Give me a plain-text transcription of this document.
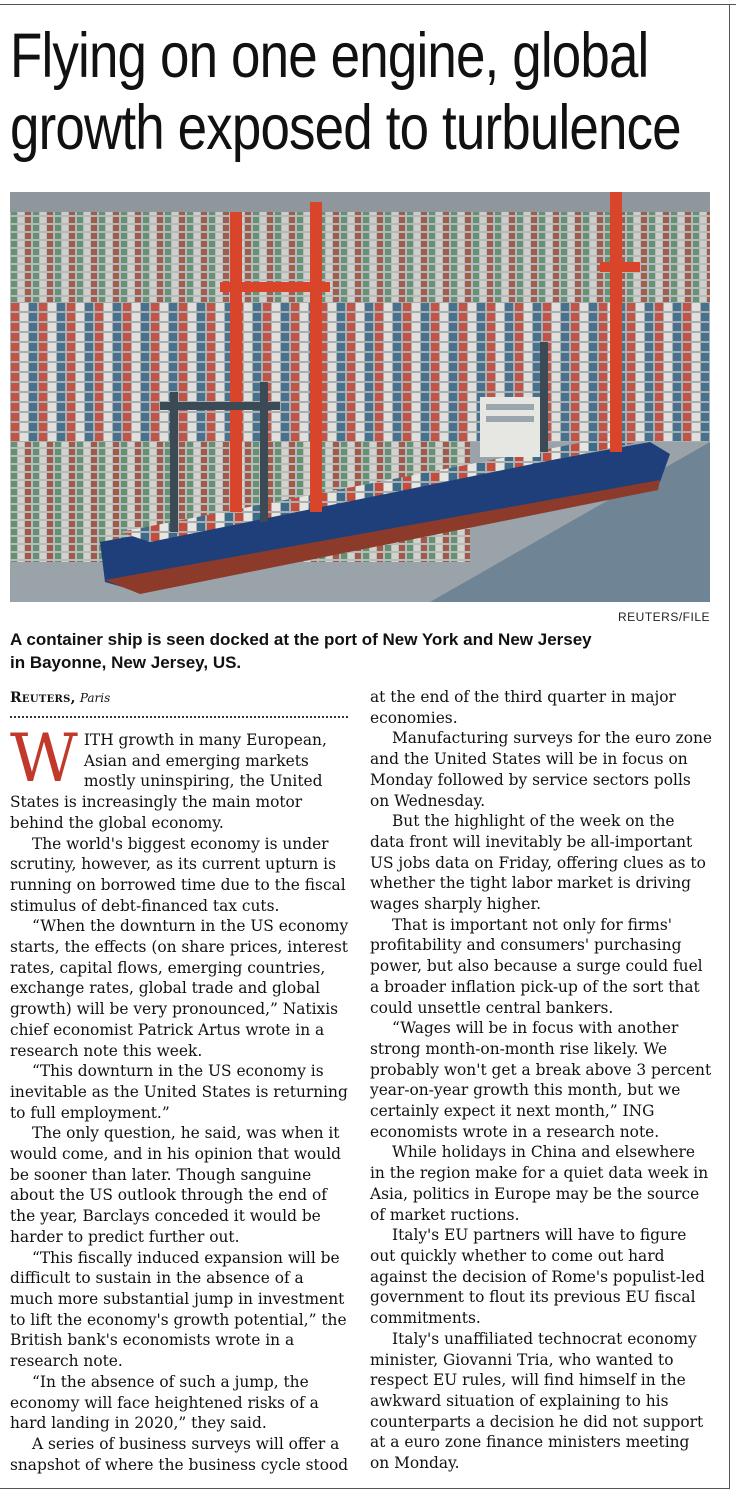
Flying on one engine, global growth exposed to turbulence
REUTERS/FILE

A container ship is seen docked at the port of New York and New Jersey in Bayonne, New Jersey, US.

Reuters, Paris

WITH growth in many European, Asian and emerging markets mostly uninspiring, the United States is increasingly the main motor behind the global economy.

The world's biggest economy is under scrutiny, however, as its current upturn is running on borrowed time due to the fiscal stimulus of debt-financed tax cuts.

“When the downturn in the US economy starts, the effects (on share prices, interest rates, capital flows, emerging countries, exchange rates, global trade and global growth) will be very pronounced,” Natixis chief economist Patrick Artus wrote in a research note this week.

“This downturn in the US economy is inevitable as the United States is returning to full employment.”

The only question, he said, was when it would come, and in his opinion that would be sooner than later. Though sanguine about the US outlook through the end of the year, Barclays conceded it would be harder to predict further out.

“This fiscally induced expansion will be difficult to sustain in the absence of a much more substantial jump in investment to lift the economy's growth potential,” the British bank's economists wrote in a research note.

“In the absence of such a jump, the economy will face heightened risks of a hard landing in 2020,” they said.

A series of business surveys will offer a snapshot of where the business cycle stood

at the end of the third quarter in major economies.

Manufacturing surveys for the euro zone and the United States will be in focus on Monday followed by service sectors polls on Wednesday.

But the highlight of the week on the data front will inevitably be all-important US jobs data on Friday, offering clues as to whether the tight labor market is driving wages sharply higher.

That is important not only for firms' profitability and consumers' purchasing power, but also because a surge could fuel a broader inflation pick-up of the sort that could unsettle central bankers.

“Wages will be in focus with another strong month-on-month rise likely. We probably won't get a break above 3 percent year-on-year growth this month, but we certainly expect it next month,” ING economists wrote in a research note.

While holidays in China and elsewhere in the region make for a quiet data week in Asia, politics in Europe may be the source of market ructions.

Italy's EU partners will have to figure out quickly whether to come out hard against the decision of Rome's populist-led government to flout its previous EU fiscal commitments.

Italy's unaffiliated technocrat economy minister, Giovanni Tria, who wanted to respect EU rules, will find himself in the awkward situation of explaining to his counterparts a decision he did not support at a euro zone finance ministers meeting on Monday.
